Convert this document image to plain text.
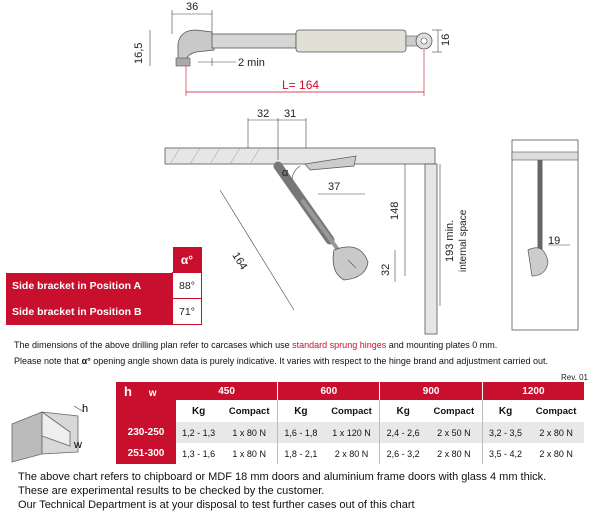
36
16,5
16
2 min
L= 164
32 31
α
37
148
32
193 min. internal space
164
19
	α°
Side bracket in Position A	88°
Side bracket in Position B	71°
The dimensions of the above drilling plan refer to carcases which use standard sprung hinges and mounting plates 0 mm.
Please note that α° opening angle shown data is purely indicative. It varies with respect to the hinge brand and adjustment carried out.
Rev. 01
h
w
h w	450		600		900		1200	
	Kg	Compact	Kg	Compact	Kg	Compact	Kg	Compact
230-250	1,2 - 1,3	1 x 80 N	1,6 - 1,8	1 x 120 N	2,4 - 2,6	2 x 50 N	3,2 - 3,5	2 x 80 N
251-300	1,3 - 1,6	1 x 80 N	1,8 - 2,1	2 x 80 N	2,6 - 3,2	2 x 80 N	3,5 - 4,2	2 x 80 N
The above chart refers to chipboard or MDF 18 mm doors and aluminium frame doors with glass 4 mm thick.
These are experimental results to be checked by the customer.
Our Technical Department is at your disposal to test further cases out of this chart
